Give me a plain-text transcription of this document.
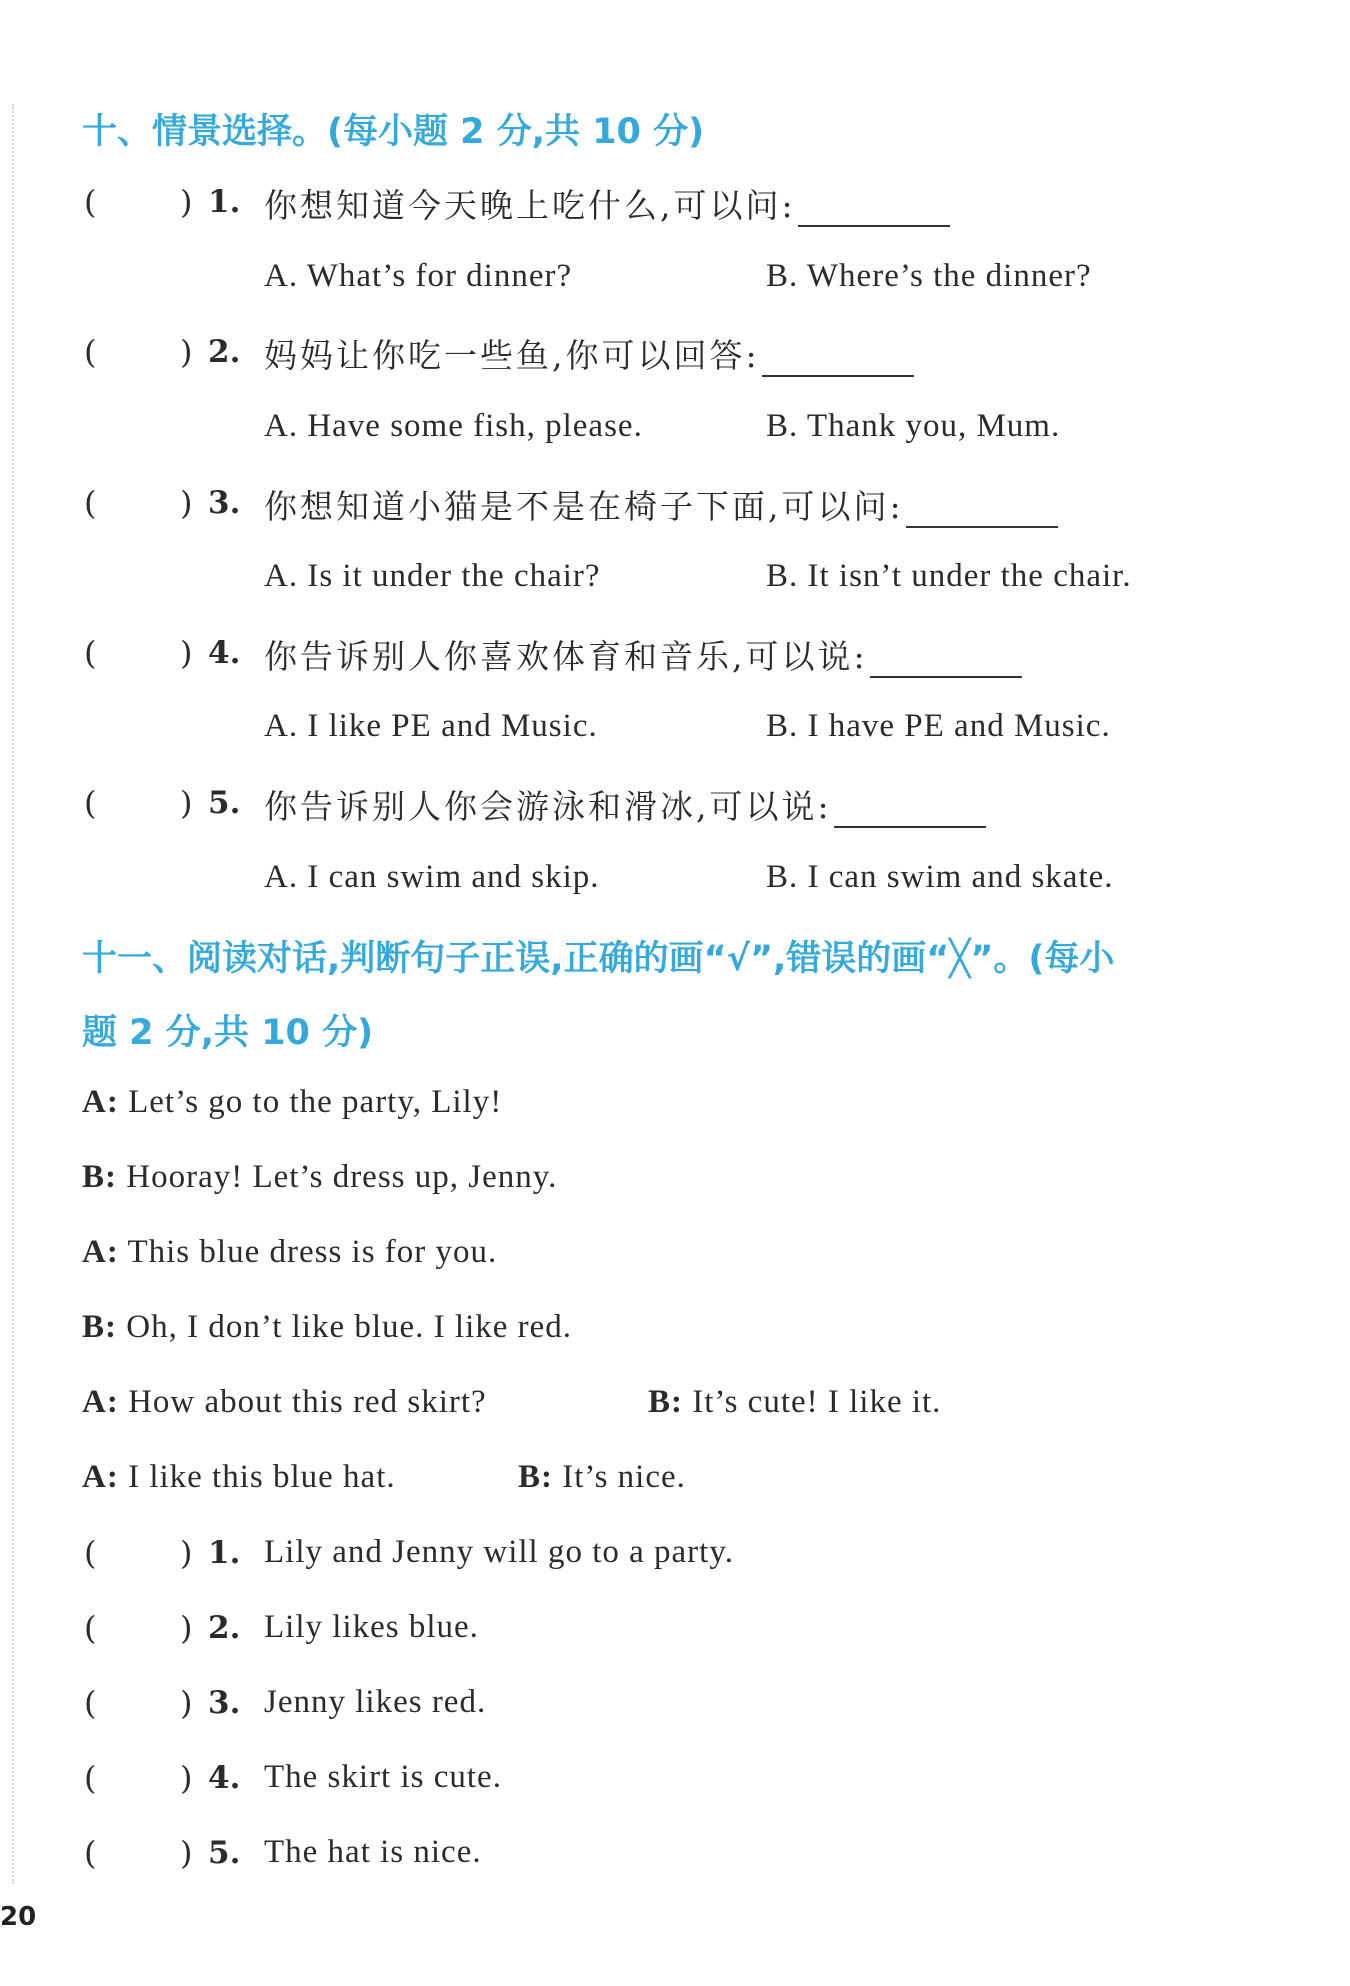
十、情景选择。(每小题 2 分,共 10 分)
(	) 1. 你想知道今天晚上吃什么,可以问:
A. What’s for dinner?	B. Where’s the dinner?
(	) 2. 妈妈让你吃一些鱼,你可以回答:
A. Have some fish, please.	B. Thank you, Mum.
(	) 3. 你想知道小猫是不是在椅子下面,可以问:
A. Is it under the chair?	B. It isn’t under the chair.
(	) 4. 你告诉别人你喜欢体育和音乐,可以说:
A. I like PE and Music.	B. I have PE and Music.
(	) 5. 你告诉别人你会游泳和滑冰,可以说:
A. I can swim and skip.	B. I can swim and skate.
十一、阅读对话,判断句子正误,正确的画“√”,错误的画“╳”。(每小
题 2 分,共 10 分)
A: Let’s go to the party, Lily!
B: Hooray! Let’s dress up, Jenny.
A: This blue dress is for you.
B: Oh, I don’t like blue. I like red.
A: How about this red skirt?	B: It’s cute! I like it.
A: I like this blue hat.	B: It’s nice.
(	) 1. Lily and Jenny will go to a party.
(	) 2. Lily likes blue.
(	) 3. Jenny likes red.
(	) 4. The skirt is cute.
(	) 5. The hat is nice.
20
